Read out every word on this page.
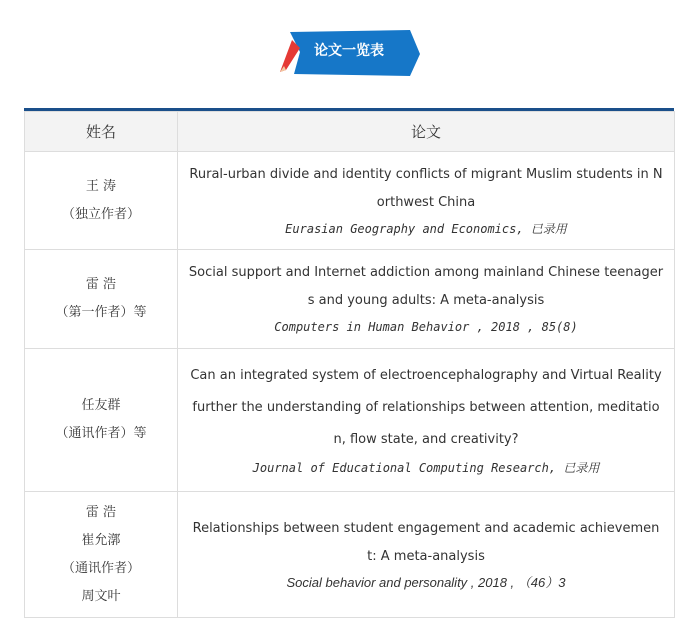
论文一览表
姓名	论文

王 涛
（独立作者）	Rural-urban divide and identity conflicts of migrant Muslim students in Northwest China
Eurasian Geography and Economics, 已录用

雷 浩
（第一作者）等	Social support and Internet addiction among mainland Chinese teenagers and young adults: A meta-analysis
Computers in Human Behavior , 2018 , 85(8)

任友群
（通讯作者）等	Can an integrated system of electroencephalography and Virtual Reality further the understanding of relationships between attention, meditation, flow state, and creativity?
Journal of Educational Computing Research, 已录用

雷 浩
崔允漷
（通讯作者）
周文叶	Relationships between student engagement and academic achievement: A meta-analysis
Social behavior and personality , 2018 , （46）3
